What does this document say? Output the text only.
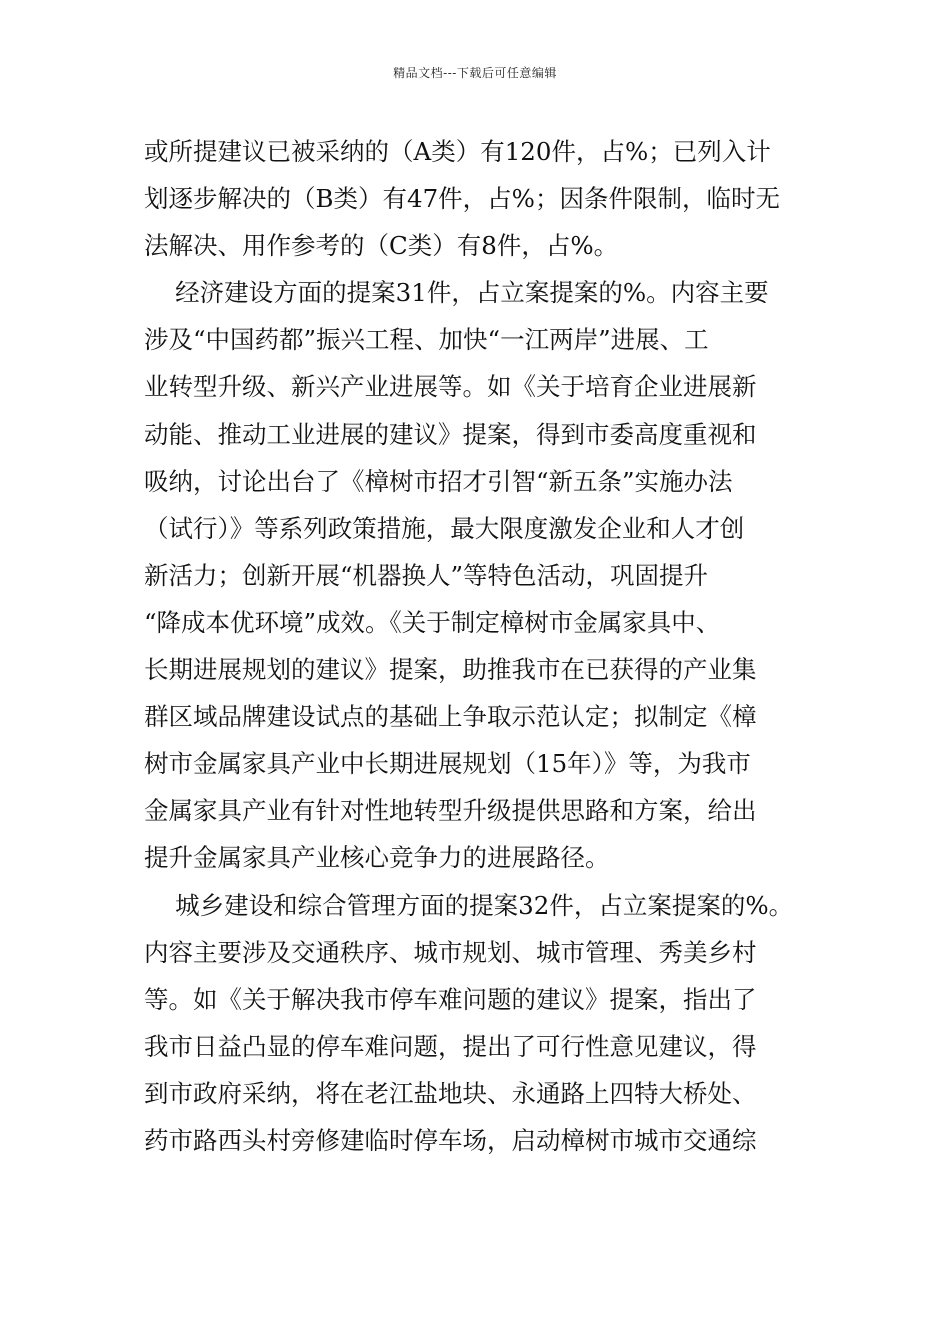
精品文档---下载后可任意编辑
或所提建议已被采纳的（A类）有120件，占%；已列入计
划逐步解决的（B类）有47件，占%；因条件限制，临时无
法解决、用作参考的（C类）有8件，占%。
经济建设方面的提案31件，占立案提案的%。内容主要
涉及“中国药都”振兴工程、加快“一江两岸”进展、工
业转型升级、新兴产业进展等。如《关于培育企业进展新
动能、推动工业进展的建议》提案，得到市委高度重视和
吸纳，讨论出台了《樟树市招才引智“新五条”实施办法
（试行）》等系列政策措施，最大限度激发企业和人才创
新活力；创新开展“机器换人”等特色活动，巩固提升
“降成本优环境”成效。《关于制定樟树市金属家具中、
长期进展规划的建议》提案，助推我市在已获得的产业集
群区域品牌建设试点的基础上争取示范认定；拟制定《樟
树市金属家具产业中长期进展规划（15年）》等，为我市
金属家具产业有针对性地转型升级提供思路和方案，给出
提升金属家具产业核心竞争力的进展路径。
城乡建设和综合管理方面的提案32件，占立案提案的%。
内容主要涉及交通秩序、城市规划、城市管理、秀美乡村
等。如《关于解决我市停车难问题的建议》提案，指出了
我市日益凸显的停车难问题，提出了可行性意见建议，得
到市政府采纳，将在老江盐地块、永通路上四特大桥处、
药市路西头村旁修建临时停车场，启动樟树市城市交通综
